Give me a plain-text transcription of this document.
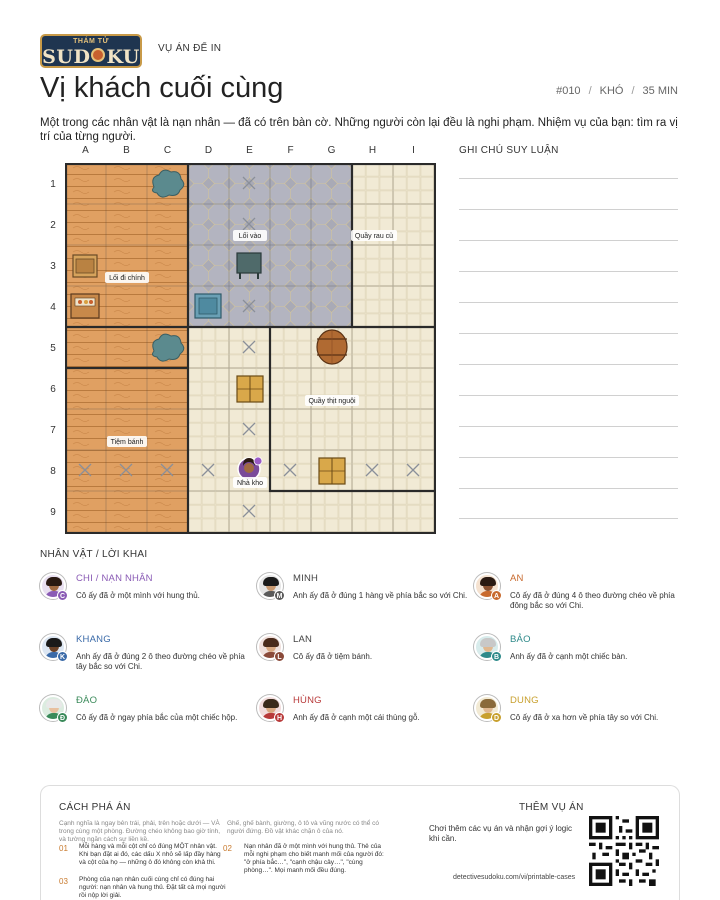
THÁM TỬ
SUD KU VỤ ÁN ĐỂ IN
Vị khách cuối cùng	#010 / KHÓ / 35 MIN
Một trong các nhân vật là nạn nhân — đã có trên bàn cờ. Những người còn lại đều là nghi phạm. Nhiệm vụ của bạn: tìm ra vị trí của từng người.
A	B	C	D	E	F	G	H	I
1
2
3
4
5
6
7
8
9
Lối vào	Quầy rau củ
Lối đi chính
Quầy thịt nguội
Tiệm bánh
Nhà kho
GHI CHÚ SUY LUẬN
NHÂN VẬT / LỜI KHAI
C
CHI / NẠN NHÂN
Cô ấy đã ở một mình với hung thủ.	M
MINH
Anh ấy đã ở đúng 1 hàng về phía bắc so với Chi.	A
AN
Cô ấy đã ở đúng 4 ô theo đường chéo về phía đông bắc so với Chi.
K
KHANG
Anh ấy đã ở đúng 2 ô theo đường chéo về phía tây bắc so với Chi.
L
LAN
Cô ấy đã ở tiệm bánh.	B
BẢO
Anh ấy đã ở cạnh một chiếc bàn.
Đ
ĐÀO
Cô ấy đã ở ngay phía bắc của một chiếc hộp.	H
HÙNG
Anh ấy đã ở cạnh một cái thùng gỗ.	D
DUNG
Cô ấy đã ở xa hơn về phía tây so với Chi.
CÁCH PHÁ ÁN
Cạnh nghĩa là ngay bên trái, phải, trên hoặc dưới — VÀ
trong cùng một phòng. Đường chéo không bao giờ tính,
và tường ngăn cách sự liền kề.
Ghế, ghế bành, giường, ô tô và vũng nước có thể có
người đứng. Đồ vật khác chặn ô của nó.
01 Mỗi hàng và mỗi cột chỉ có đúng MỘT nhân vật.
Khi bạn đặt ai đó, các dấu X nhỏ sẽ lấp đầy hàng
và cột của họ — những ô đó không còn khả thi.
02 Nạn nhân đã ở một mình với hung thủ. Thẻ của
mỗi nghi phạm cho biết manh mối của người đó:
"ở phía bắc…", "cạnh chậu cây…", "cùng
phòng…". Mọi manh mối đều đúng.
03 Phòng của nạn nhân cuối cùng chỉ có đúng hai
người: nạn nhân và hung thủ. Đặt tất cả mọi người
rồi nộp lời giải.
THÊM VỤ ÁN
Chơi thêm các vụ án và nhận gợi ý logic khi cần.
detectivesudoku.com/vi/printable-cases
